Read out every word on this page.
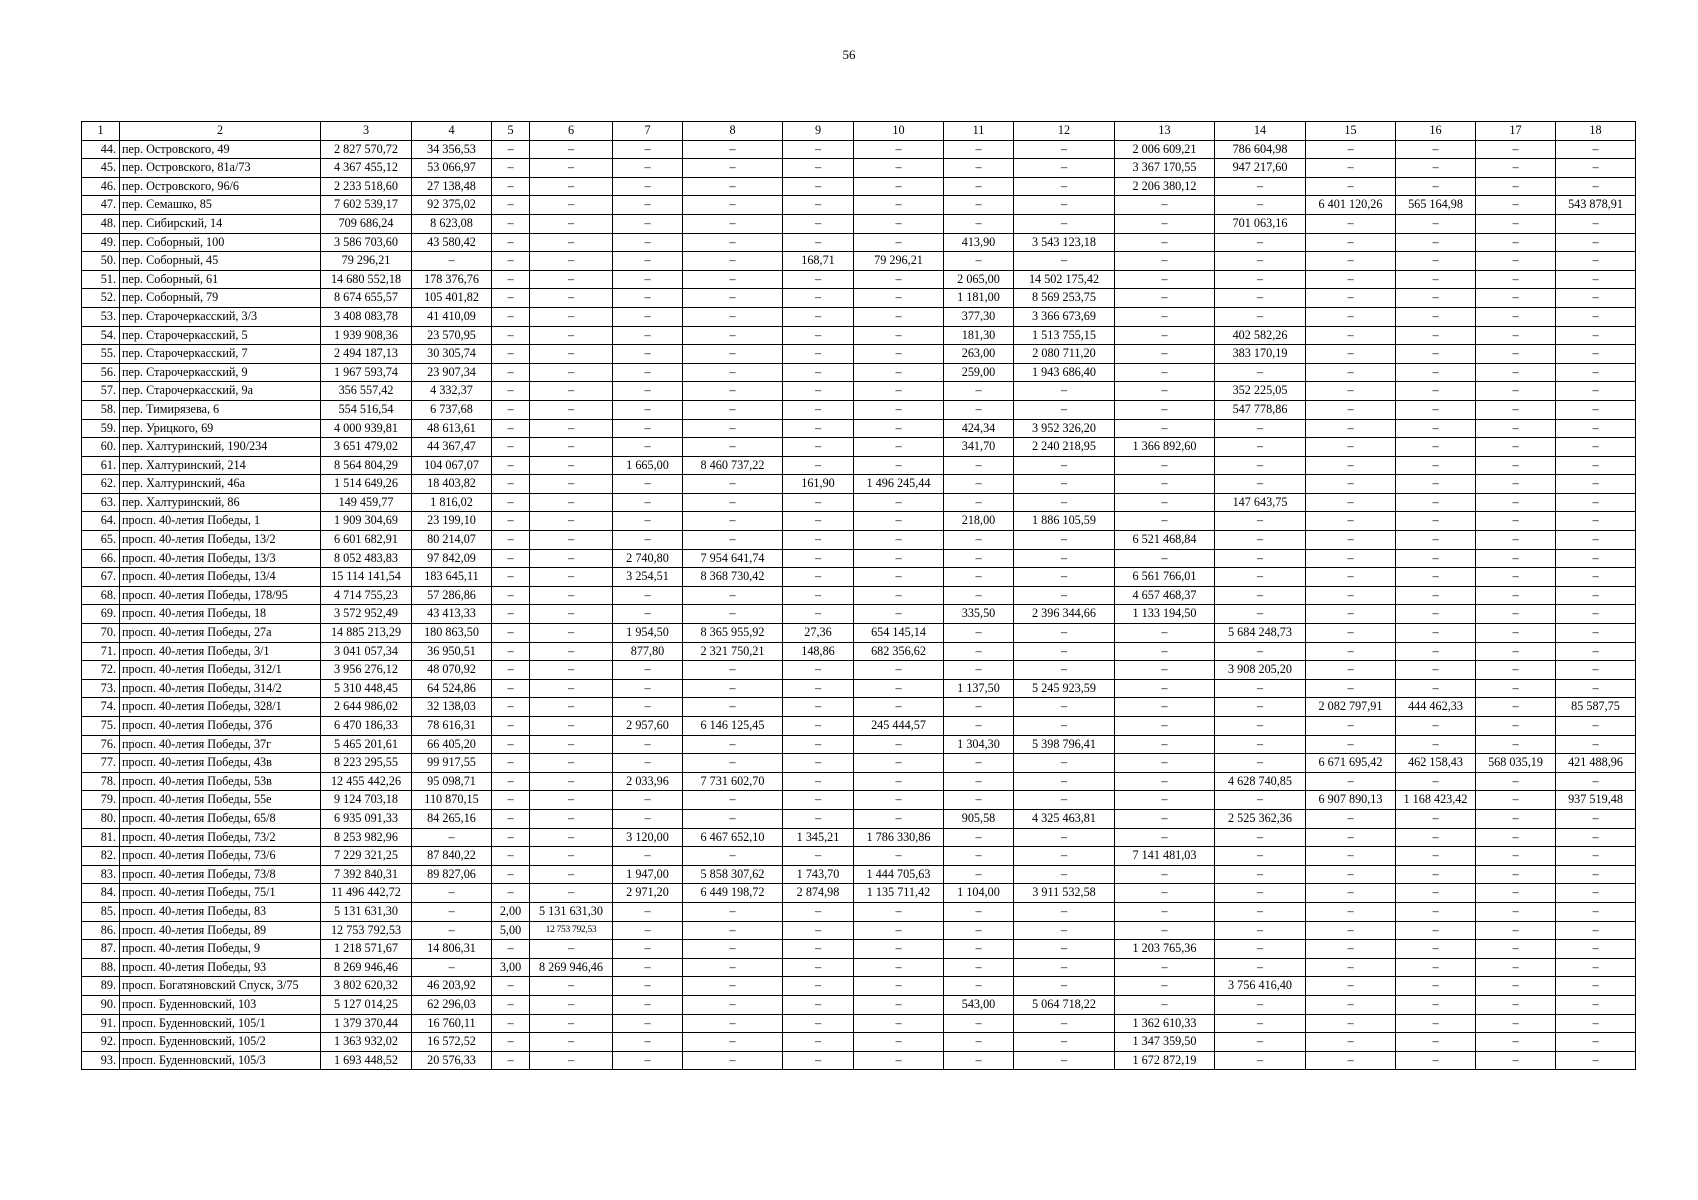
56
1	2	3	4	5	6	7	8	9	10	11	12	13	14	15	16	17	18
44.	пер. Островского, 49	2 827 570,72	34 356,53	–	–	–	–	–	–	–	–	2 006 609,21	786 604,98	–	–	–	–
45.	пер. Островского, 81а/73	4 367 455,12	53 066,97	–	–	–	–	–	–	–	–	3 367 170,55	947 217,60	–	–	–	–
46.	пер. Островского, 96/6	2 233 518,60	27 138,48	–	–	–	–	–	–	–	–	2 206 380,12	–	–	–	–	–
47.	пер. Семашко, 85	7 602 539,17	92 375,02	–	–	–	–	–	–	–	–	–	–	6 401 120,26	565 164,98	–	543 878,91
48.	пер. Сибирский, 14	709 686,24	8 623,08	–	–	–	–	–	–	–	–	–	701 063,16	–	–	–	–
49.	пер. Соборный, 100	3 586 703,60	43 580,42	–	–	–	–	–	–	413,90	3 543 123,18	–	–	–	–	–	–
50.	пер. Соборный, 45	79 296,21	–	–	–	–	–	168,71	79 296,21	–	–	–	–	–	–	–	–
51.	пер. Соборный, 61	14 680 552,18	178 376,76	–	–	–	–	–	–	2 065,00	14 502 175,42	–	–	–	–	–	–
52.	пер. Соборный, 79	8 674 655,57	105 401,82	–	–	–	–	–	–	1 181,00	8 569 253,75	–	–	–	–	–	–
53.	пер. Старочеркасский, 3/3	3 408 083,78	41 410,09	–	–	–	–	–	–	377,30	3 366 673,69	–	–	–	–	–	–
54.	пер. Старочеркасский, 5	1 939 908,36	23 570,95	–	–	–	–	–	–	181,30	1 513 755,15	–	402 582,26	–	–	–	–
55.	пер. Старочеркасский, 7	2 494 187,13	30 305,74	–	–	–	–	–	–	263,00	2 080 711,20	–	383 170,19	–	–	–	–
56.	пер. Старочеркасский, 9	1 967 593,74	23 907,34	–	–	–	–	–	–	259,00	1 943 686,40	–	–	–	–	–	–
57.	пер. Старочеркасский, 9а	356 557,42	4 332,37	–	–	–	–	–	–	–	–	–	352 225,05	–	–	–	–
58.	пер. Тимирязева, 6	554 516,54	6 737,68	–	–	–	–	–	–	–	–	–	547 778,86	–	–	–	–
59.	пер. Урицкого, 69	4 000 939,81	48 613,61	–	–	–	–	–	–	424,34	3 952 326,20	–	–	–	–	–	–
60.	пер. Халтуринский, 190/234	3 651 479,02	44 367,47	–	–	–	–	–	–	341,70	2 240 218,95	1 366 892,60	–	–	–	–	–
61.	пер. Халтуринский, 214	8 564 804,29	104 067,07	–	–	1 665,00	8 460 737,22	–	–	–	–	–	–	–	–	–	–
62.	пер. Халтуринский, 46а	1 514 649,26	18 403,82	–	–	–	–	161,90	1 496 245,44	–	–	–	–	–	–	–	–
63.	пер. Халтуринский, 86	149 459,77	1 816,02	–	–	–	–	–	–	–	–	–	147 643,75	–	–	–	–
64.	просп. 40-летия Победы, 1	1 909 304,69	23 199,10	–	–	–	–	–	–	218,00	1 886 105,59	–	–	–	–	–	–
65.	просп. 40-летия Победы, 13/2	6 601 682,91	80 214,07	–	–	–	–	–	–	–	–	6 521 468,84	–	–	–	–	–
66.	просп. 40-летия Победы, 13/3	8 052 483,83	97 842,09	–	–	2 740,80	7 954 641,74	–	–	–	–	–	–	–	–	–	–
67.	просп. 40-летия Победы, 13/4	15 114 141,54	183 645,11	–	–	3 254,51	8 368 730,42	–	–	–	–	6 561 766,01	–	–	–	–	–
68.	просп. 40-летия Победы, 178/95	4 714 755,23	57 286,86	–	–	–	–	–	–	–	–	4 657 468,37	–	–	–	–	–
69.	просп. 40-летия Победы, 18	3 572 952,49	43 413,33	–	–	–	–	–	–	335,50	2 396 344,66	1 133 194,50	–	–	–	–	–
70.	просп. 40-летия Победы, 27а	14 885 213,29	180 863,50	–	–	1 954,50	8 365 955,92	27,36	654 145,14	–	–	–	5 684 248,73	–	–	–	–
71.	просп. 40-летия Победы, 3/1	3 041 057,34	36 950,51	–	–	877,80	2 321 750,21	148,86	682 356,62	–	–	–	–	–	–	–	–
72.	просп. 40-летия Победы, 312/1	3 956 276,12	48 070,92	–	–	–	–	–	–	–	–	–	3 908 205,20	–	–	–	–
73.	просп. 40-летия Победы, 314/2	5 310 448,45	64 524,86	–	–	–	–	–	–	1 137,50	5 245 923,59	–	–	–	–	–	–
74.	просп. 40-летия Победы, 328/1	2 644 986,02	32 138,03	–	–	–	–	–	–	–	–	–	–	2 082 797,91	444 462,33	–	85 587,75
75.	просп. 40-летия Победы, 37б	6 470 186,33	78 616,31	–	–	2 957,60	6 146 125,45	–	245 444,57	–	–	–	–	–	–	–	–
76.	просп. 40-летия Победы, 37г	5 465 201,61	66 405,20	–	–	–	–	–	–	1 304,30	5 398 796,41	–	–	–	–	–	–
77.	просп. 40-летия Победы, 43в	8 223 295,55	99 917,55	–	–	–	–	–	–	–	–	–	–	6 671 695,42	462 158,43	568 035,19	421 488,96
78.	просп. 40-летия Победы, 53в	12 455 442,26	95 098,71	–	–	2 033,96	7 731 602,70	–	–	–	–	–	4 628 740,85	–	–	–	–
79.	просп. 40-летия Победы, 55е	9 124 703,18	110 870,15	–	–	–	–	–	–	–	–	–	–	6 907 890,13	1 168 423,42	–	937 519,48
80.	просп. 40-летия Победы, 65/8	6 935 091,33	84 265,16	–	–	–	–	–	–	905,58	4 325 463,81	–	2 525 362,36	–	–	–	–
81.	просп. 40-летия Победы, 73/2	8 253 982,96	–	–	–	3 120,00	6 467 652,10	1 345,21	1 786 330,86	–	–	–	–	–	–	–	–
82.	просп. 40-летия Победы, 73/6	7 229 321,25	87 840,22	–	–	–	–	–	–	–	–	7 141 481,03	–	–	–	–	–
83.	просп. 40-летия Победы, 73/8	7 392 840,31	89 827,06	–	–	1 947,00	5 858 307,62	1 743,70	1 444 705,63	–	–	–	–	–	–	–	–
84.	просп. 40-летия Победы, 75/1	11 496 442,72	–	–	–	2 971,20	6 449 198,72	2 874,98	1 135 711,42	1 104,00	3 911 532,58	–	–	–	–	–	–
85.	просп. 40-летия Победы, 83	5 131 631,30	–	2,00	5 131 631,30	–	–	–	–	–	–	–	–	–	–	–	–
86.	просп. 40-летия Победы, 89	12 753 792,53	–	5,00	12 753 792,53	–	–	–	–	–	–	–	–	–	–	–	–
87.	просп. 40-летия Победы, 9	1 218 571,67	14 806,31	–	–	–	–	–	–	–	–	1 203 765,36	–	–	–	–	–
88.	просп. 40-летия Победы, 93	8 269 946,46	–	3,00	8 269 946,46	–	–	–	–	–	–	–	–	–	–	–	–
89.	просп. Богатяновский Спуск, 3/75	3 802 620,32	46 203,92	–	–	–	–	–	–	–	–	–	3 756 416,40	–	–	–	–
90.	просп. Буденновский, 103	5 127 014,25	62 296,03	–	–	–	–	–	–	543,00	5 064 718,22	–	–	–	–	–	–
91.	просп. Буденновский, 105/1	1 379 370,44	16 760,11	–	–	–	–	–	–	–	–	1 362 610,33	–	–	–	–	–
92.	просп. Буденновский, 105/2	1 363 932,02	16 572,52	–	–	–	–	–	–	–	–	1 347 359,50	–	–	–	–	–
93.	просп. Буденновский, 105/3	1 693 448,52	20 576,33	–	–	–	–	–	–	–	–	1 672 872,19	–	–	–	–	–
